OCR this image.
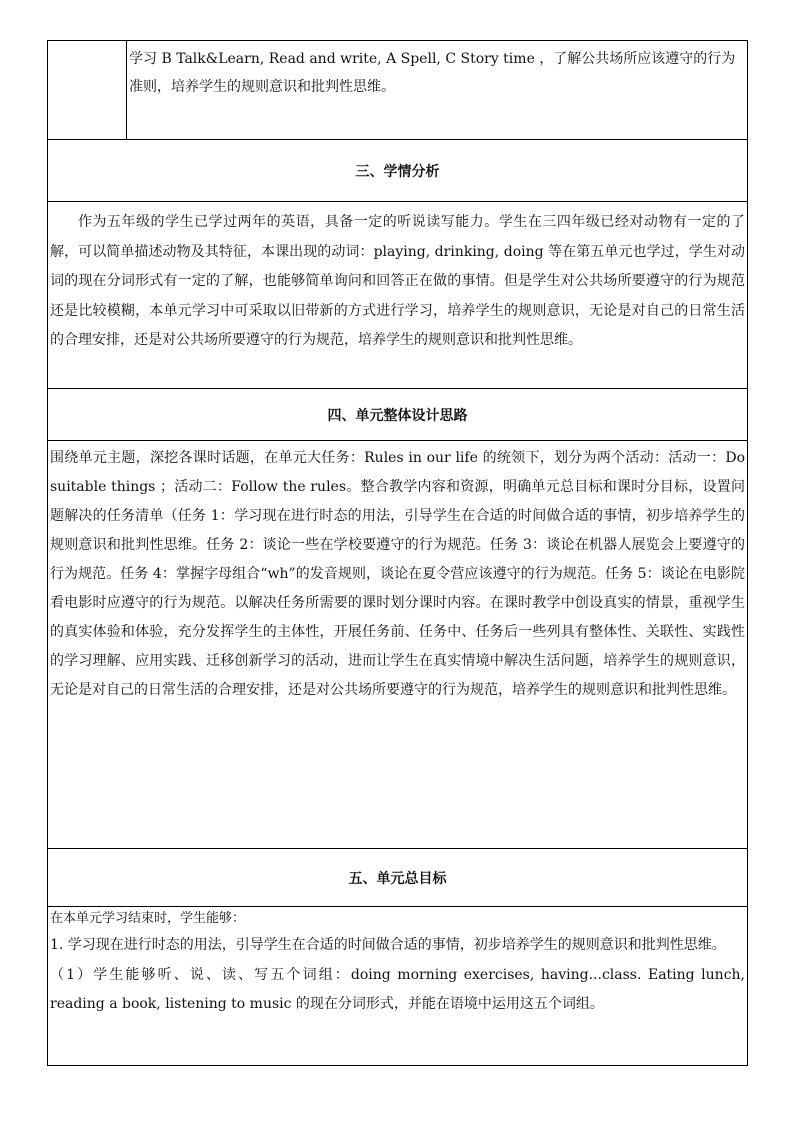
学习 B Talk&Learn, Read and write, A Spell, C Story time ，了解公共场所应该遵守的行为准则，培养学生的规则意识和批判性思维。

三、学情分析

作为五年级的学生已学过两年的英语，具备一定的听说读写能力。学生在三四年级已经对动物有一定的了解，可以简单描述动物及其特征，本课出现的动词：playing, drinking, doing 等在第五单元也学过，学生对动词的现在分词形式有一定的了解，也能够简单询问和回答正在做的事情。但是学生对公共场所要遵守的行为规范还是比较模糊，本单元学习中可采取以旧带新的方式进行学习，培养学生的规则意识，无论是对自己的日常生活的合理安排，还是对公共场所要遵守的行为规范，培养学生的规则意识和批判性思维。

四、单元整体设计思路

围绕单元主题，深挖各课时话题，在单元大任务：Rules in our life 的统领下，划分为两个活动：活动一：Do suitable things ；活动二：Follow the rules。整合教学内容和资源，明确单元总目标和课时分目标，设置问题解决的任务清单（任务 1：学习现在进行时态的用法，引导学生在合适的时间做合适的事情，初步培养学生的规则意识和批判性思维。任务 2：谈论一些在学校要遵守的行为规范。任务 3：谈论在机器人展览会上要遵守的行为规范。任务 4：掌握字母组合“wh”的发音规则，谈论在夏令营应该遵守的行为规范。任务 5：谈论在电影院看电影时应遵守的行为规范。以解决任务所需要的课时划分课时内容。在课时教学中创设真实的情景，重视学生的真实体验和体验，充分发挥学生的主体性，开展任务前、任务中、任务后一些列具有整体性、关联性、实践性的学习理解、应用实践、迁移创新学习的活动，进而让学生在真实情境中解决生活问题，培养学生的规则意识，无论是对自己的日常生活的合理安排，还是对公共场所要遵守的行为规范，培养学生的规则意识和批判性思维。

五、单元总目标

在本单元学习结束时，学生能够：

1. 学习现在进行时态的用法，引导学生在合适的时间做合适的事情，初步培养学生的规则意识和批判性思维。

（1）学生能够听、说、读、写五个词组：doing morning exercises, having...class. Eating lunch, reading a book, listening to music 的现在分词形式，并能在语境中运用这五个词组。
